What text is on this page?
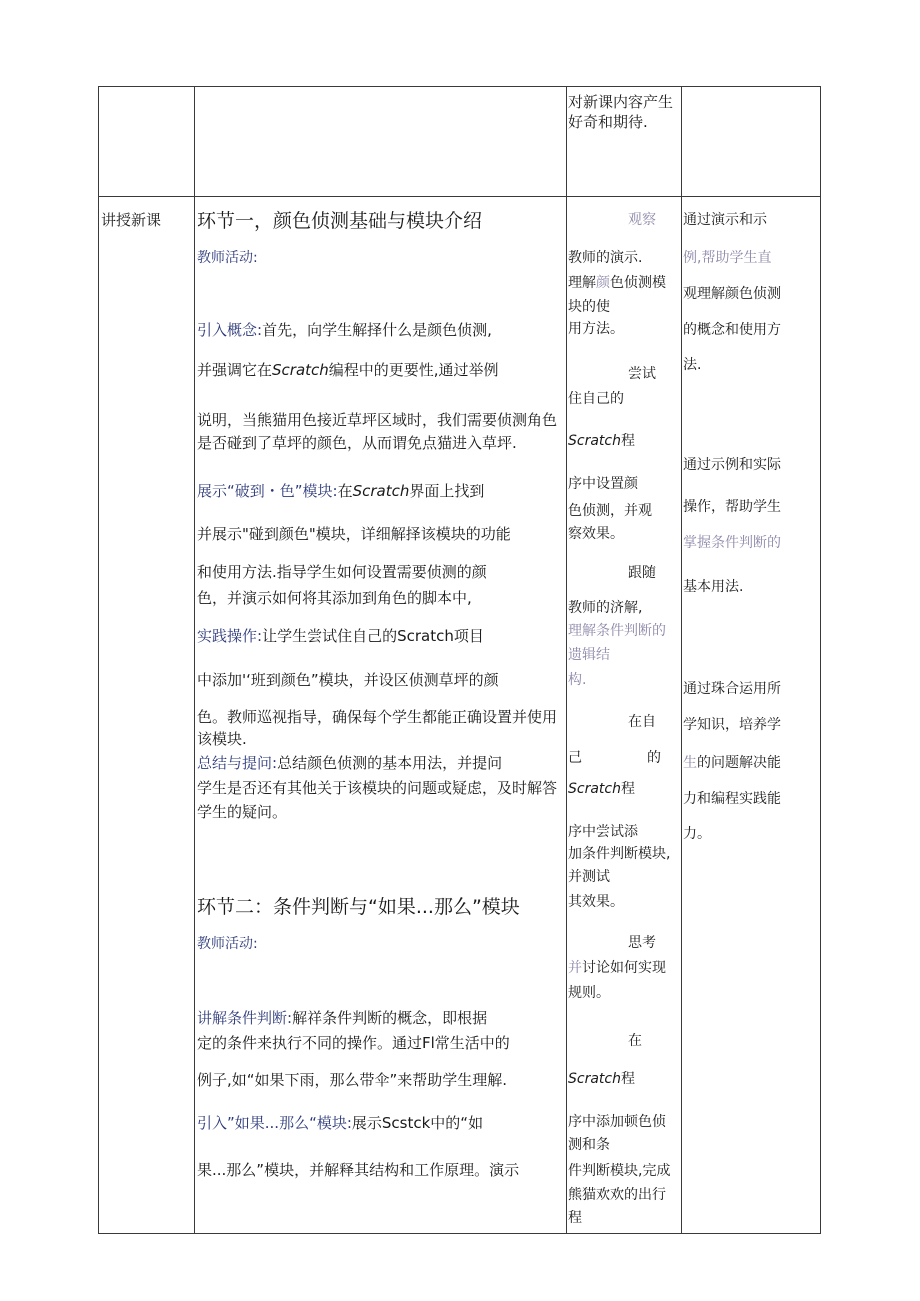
对新课内容产生
好奇和期待.
讲授新课 环节一，颜色侦测基础与模块介绍
教师活动:
引入概念:首先，向学生解择什么是颜色侦测,
并强调它在Scratch编程中的更要性,通过举例
说明，当熊猫用色接近草坪区域时，我们需要侦测角色
是否碰到了草坪的颜色，从而谓免点猫进入草坪.
展示“破到・色”模块:在Scratch界面上找到
并展示"碰到颜色"模块，详细解择该模块的功能
和使用方法.指导学生如何设置需要侦测的颜
色，并演示如何将其添加到角色的脚本中,
实践操作:让学生尝试住自己的Scratch项目
中添加'‘班到颜色”模块，并设区侦测草坪的颜
色。教师巡视指导，确保每个学生都能正确设置并使用
该模块.
总结与提问:总结颜色侦测的基本用法，并提问
学生是否还有其他关于该模块的问题或疑虑，及时解答
学生的疑问。
环节二：条件判断与“如果...那么”模块
教师活动:
讲解条件判断:解祥条件判断的概念，即根据
定的条件来执行不同的操作。通过Fl常生活中的
例子,如“如果下雨，那么带伞”来帮助学生理解.
引入”如果...那么“模块:展示Scstck中的“如
果...那么”模块，并解释其结构和工作原理。演示
观察
教师的演示.
理解颜色侦测模
块的使
用方法。
尝试
住自己的
Scratch程
序中设置颜
色侦测，并观
察效果。
跟随
教师的济解,
理解条件判断的
遗辑结
构.
在自
己	的
Scratch程
序中尝试添
加条件判断模块,
并测试
其效果。
思考
并讨论如何实现
规则。
在
Scratch程
序中添加顿色侦
测和条
件判断模块,完成
熊猫欢欢的出行
程
通过演示和示
例,帮助学生直
观理解颜色侦测
的概念和使用方
法.
通过示例和实际
操作，帮助学生
掌握条件判断的
基本用法.
通过珠合运用所
学知识，培养学
生的问题解决能
力和编程实践能
力。
